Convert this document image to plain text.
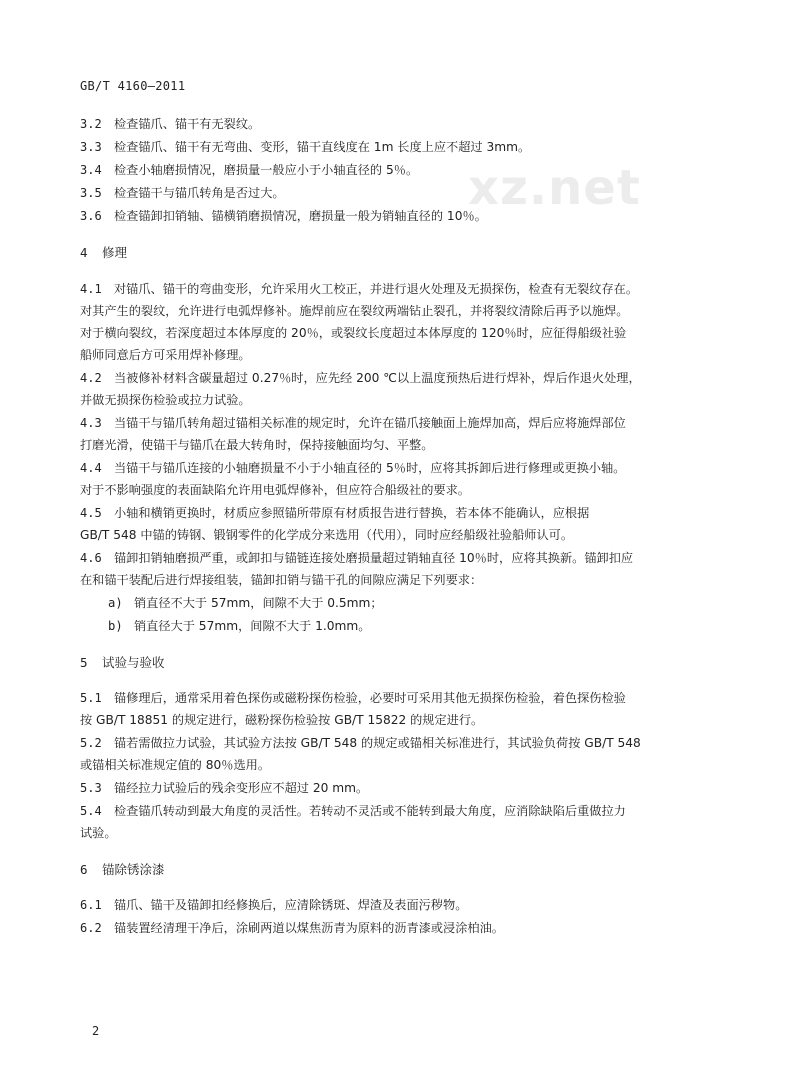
GB/T 4160—2011
xz.net
3.2 检查锚爪、锚干有无裂纹。
3.3 检查锚爪、锚干有无弯曲、变形，锚干直线度在 1m 长度上应不超过 3mm。
3.4 检查小轴磨损情况，磨损量一般应小于小轴直径的 5％。
3.5 检查锚干与锚爪转角是否过大。
3.6 检查锚卸扣销轴、锚横销磨损情况，磨损量一般为销轴直径的 10％。
4 修理
4.1 对锚爪、锚干的弯曲变形，允许采用火工校正，并进行退火处理及无损探伤，检查有无裂纹存在。
对其产生的裂纹，允许进行电弧焊修补。施焊前应在裂纹两端钻止裂孔，并将裂纹清除后再予以施焊。
对于横向裂纹，若深度超过本体厚度的 20％，或裂纹长度超过本体厚度的 120％时，应征得船级社验
船师同意后方可采用焊补修理。
4.2 当被修补材料含碳量超过 0.27％时，应先经 200 ℃以上温度预热后进行焊补，焊后作退火处理，
并做无损探伤检验或拉力试验。
4.3 当锚干与锚爪转角超过锚相关标准的规定时，允许在锚爪接触面上施焊加高，焊后应将施焊部位
打磨光滑，使锚干与锚爪在最大转角时，保持接触面均匀、平整。
4.4 当锚干与锚爪连接的小轴磨损量不小于小轴直径的 5％时，应将其拆卸后进行修理或更换小轴。
对于不影响强度的表面缺陷允许用电弧焊修补，但应符合船级社的要求。
4.5 小轴和横销更换时，材质应参照锚所带原有材质报告进行替换，若本体不能确认，应根据
GB/T 548 中锚的铸钢、锻钢零件的化学成分来选用（代用），同时应经船级社验船师认可。
4.6 锚卸扣销轴磨损严重，或卸扣与锚链连接处磨损量超过销轴直径 10％时，应将其换新。锚卸扣应
在和锚干装配后进行焊接组装，锚卸扣销与锚干孔的间隙应满足下列要求：
a) 销直径不大于 57mm，间隙不大于 0.5mm；
b) 销直径大于 57mm，间隙不大于 1.0mm。
5 试验与验收
5.1 锚修理后，通常采用着色探伤或磁粉探伤检验，必要时可采用其他无损探伤检验，着色探伤检验
按 GB/T 18851 的规定进行，磁粉探伤检验按 GB/T 15822 的规定进行。
5.2 锚若需做拉力试验，其试验方法按 GB/T 548 的规定或锚相关标准进行，其试验负荷按 GB/T 548
或锚相关标准规定值的 80％选用。
5.3 锚经拉力试验后的残余变形应不超过 20 mm。
5.4 检查锚爪转动到最大角度的灵活性。若转动不灵活或不能转到最大角度，应消除缺陷后重做拉力
试验。
6 锚除锈涂漆
6.1 锚爪、锚干及锚卸扣经修换后，应清除锈斑、焊渣及表面污秽物。
6.2 锚装置经清理干净后，涂刷两道以煤焦沥青为原料的沥青漆或浸涂柏油。
2
